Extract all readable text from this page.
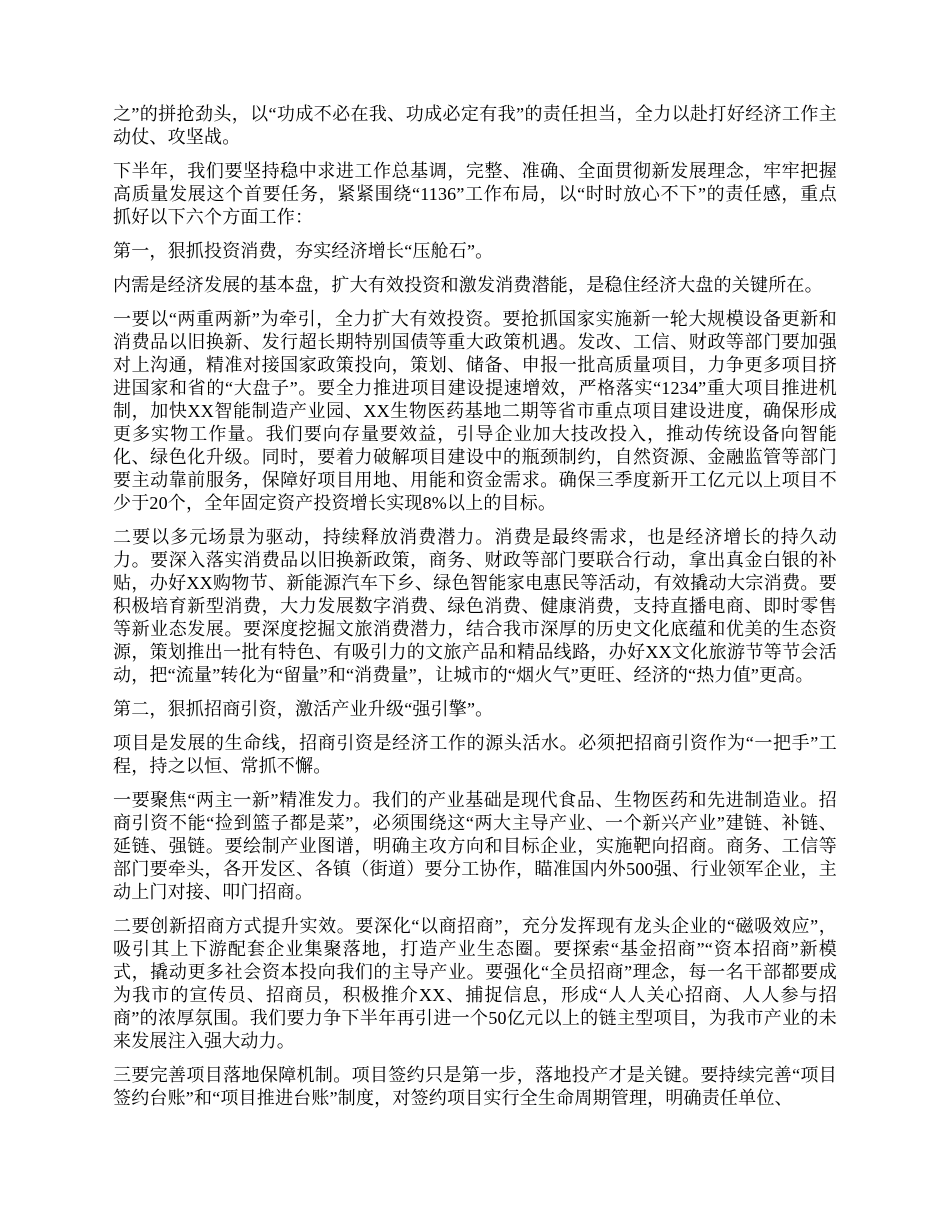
之”的拼抢劲头，以“功成不必在我、功成必定有我”的责任担当，全力以赴打好经济工作主动仗、攻坚战。

下半年，我们要坚持稳中求进工作总基调，完整、准确、全面贯彻新发展理念，牢牢把握高质量发展这个首要任务，紧紧围绕“1136”工作布局，以“时时放心不下”的责任感，重点抓好以下六个方面工作：

第一，狠抓投资消费，夯实经济增长“压舱石”。

内需是经济发展的基本盘，扩大有效投资和激发消费潜能，是稳住经济大盘的关键所在。

一要以“两重两新”为牵引，全力扩大有效投资。要抢抓国家实施新一轮大规模设备更新和消费品以旧换新、发行超长期特别国债等重大政策机遇。发改、工信、财政等部门要加强对上沟通，精准对接国家政策投向，策划、储备、申报一批高质量项目，力争更多项目挤进国家和省的“大盘子”。要全力推进项目建设提速增效，严格落实“1234”重大项目推进机制，加快XX智能制造产业园、XX生物医药基地二期等省市重点项目建设进度，确保形成更多实物工作量。我们要向存量要效益，引导企业加大技改投入，推动传统设备向智能化、绿色化升级。同时，要着力破解项目建设中的瓶颈制约，自然资源、金融监管等部门要主动靠前服务，保障好项目用地、用能和资金需求。确保三季度新开工亿元以上项目不少于20个，全年固定资产投资增长实现8%以上的目标。

二要以多元场景为驱动，持续释放消费潜力。消费是最终需求，也是经济增长的持久动力。要深入落实消费品以旧换新政策，商务、财政等部门要联合行动，拿出真金白银的补贴，办好XX购物节、新能源汽车下乡、绿色智能家电惠民等活动，有效撬动大宗消费。要积极培育新型消费，大力发展数字消费、绿色消费、健康消费，支持直播电商、即时零售等新业态发展。要深度挖掘文旅消费潜力，结合我市深厚的历史文化底蕴和优美的生态资源，策划推出一批有特色、有吸引力的文旅产品和精品线路，办好XX文化旅游节等节会活动，把“流量”转化为“留量”和“消费量”，让城市的“烟火气”更旺、经济的“热力值”更高。

第二，狠抓招商引资，激活产业升级“强引擎”。

项目是发展的生命线，招商引资是经济工作的源头活水。必须把招商引资作为“一把手”工程，持之以恒、常抓不懈。

一要聚焦“两主一新”精准发力。我们的产业基础是现代食品、生物医药和先进制造业。招商引资不能“捡到篮子都是菜”，必须围绕这“两大主导产业、一个新兴产业”建链、补链、延链、强链。要绘制产业图谱，明确主攻方向和目标企业，实施靶向招商。商务、工信等部门要牵头，各开发区、各镇（街道）要分工协作，瞄准国内外500强、行业领军企业，主动上门对接、叩门招商。

二要创新招商方式提升实效。要深化“以商招商”，充分发挥现有龙头企业的“磁吸效应”，吸引其上下游配套企业集聚落地，打造产业生态圈。要探索“基金招商”“资本招商”新模式，撬动更多社会资本投向我们的主导产业。要强化“全员招商”理念，每一名干部都要成为我市的宣传员、招商员，积极推介XX、捕捉信息，形成“人人关心招商、人人参与招商”的浓厚氛围。我们要力争下半年再引进一个50亿元以上的链主型项目，为我市产业的未来发展注入强大动力。

三要完善项目落地保障机制。项目签约只是第一步，落地投产才是关键。要持续完善“项目签约台账”和“项目推进台账”制度，对签约项目实行全生命周期管理，明确责任单位、
